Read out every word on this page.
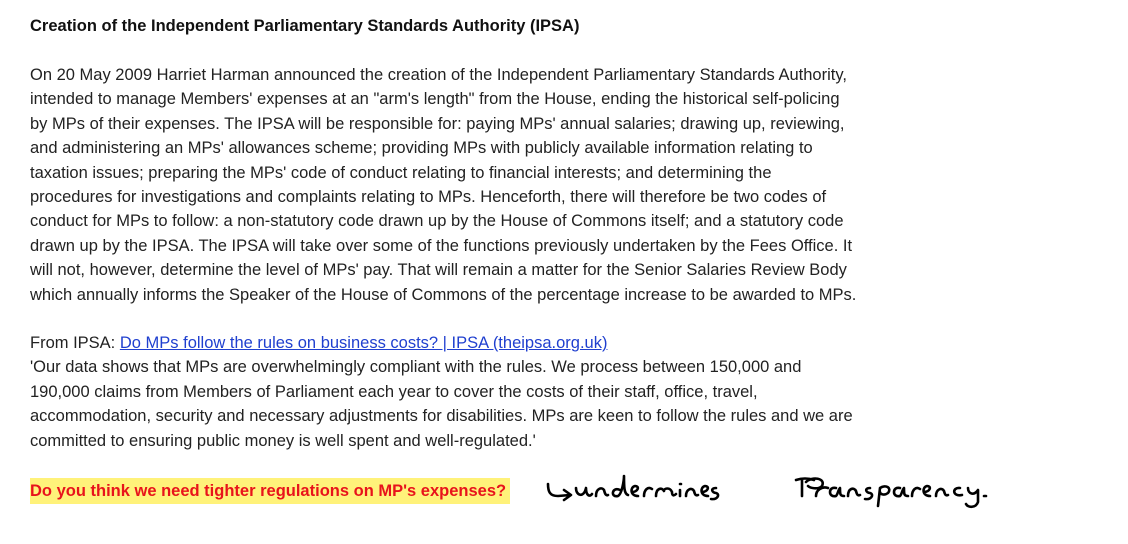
Creation of the Independent Parliamentary Standards Authority (IPSA)

On 20 May 2009 Harriet Harman announced the creation of the Independent Parliamentary Standards Authority,
intended to manage Members' expenses at an "arm's length" from the House, ending the historical self-policing
by MPs of their expenses. The IPSA will be responsible for: paying MPs' annual salaries; drawing up, reviewing,
and administering an MPs' allowances scheme; providing MPs with publicly available information relating to
taxation issues; preparing the MPs' code of conduct relating to financial interests; and determining the
procedures for investigations and complaints relating to MPs. Henceforth, there will therefore be two codes of
conduct for MPs to follow: a non-statutory code drawn up by the House of Commons itself; and a statutory code
drawn up by the IPSA. The IPSA will take over some of the functions previously undertaken by the Fees Office. It
will not, however, determine the level of MPs' pay. That will remain a matter for the Senior Salaries Review Body
which annually informs the Speaker of the House of Commons of the percentage increase to be awarded to MPs.

From IPSA: Do MPs follow the rules on business costs? | IPSA (theipsa.org.uk)

'Our data shows that MPs are overwhelmingly compliant with the rules. We process between 150,000 and
190,000 claims from Members of Parliament each year to cover the costs of their staff, office, travel,
accommodation, security and necessary adjustments for disabilities. MPs are keen to follow the rules and we are
committed to ensuring public money is well spent and well-regulated.'

Do you think we need tighter regulations on MP's expenses?
